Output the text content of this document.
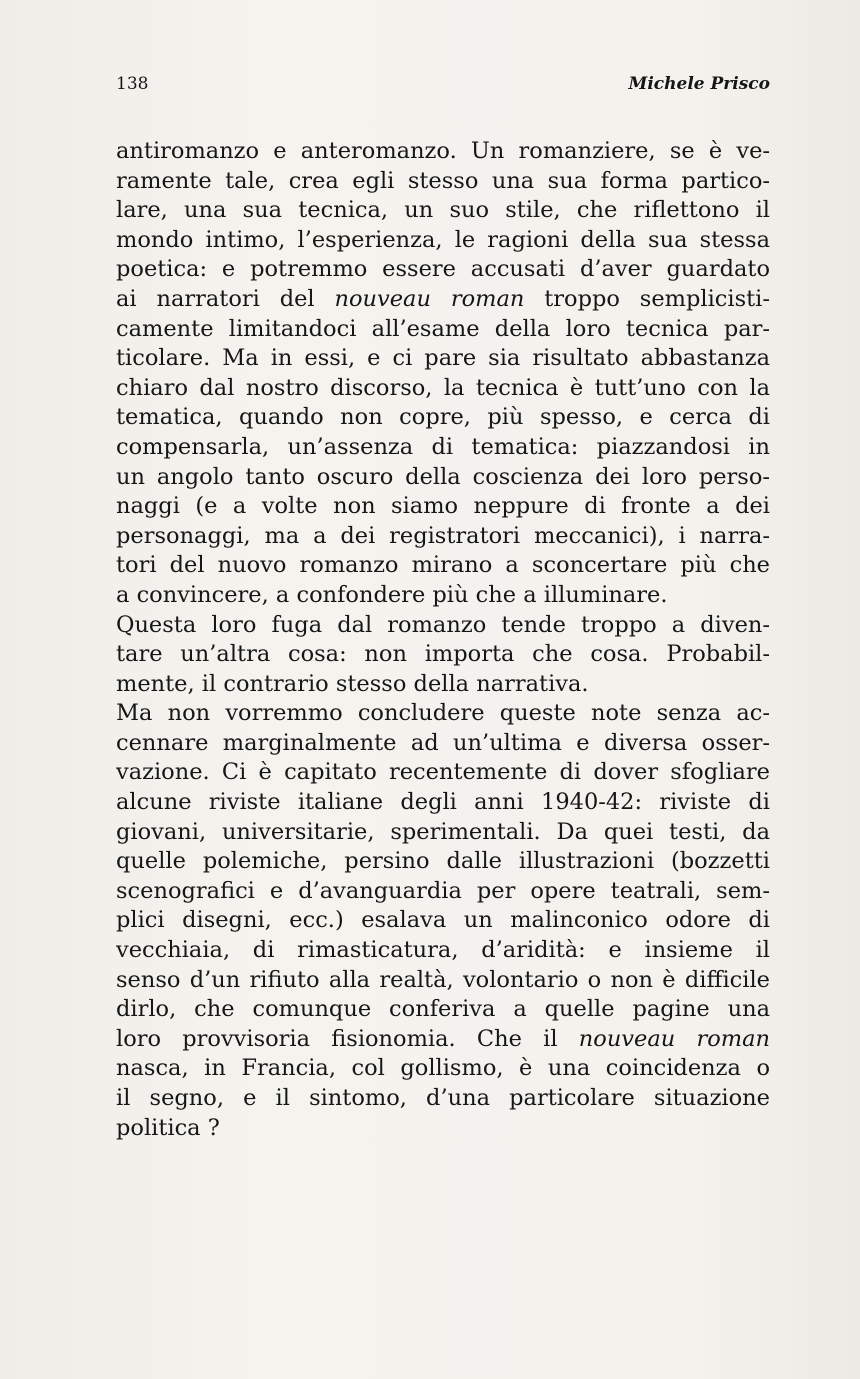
138	Michele Prisco
antiromanzo e anteromanzo. Un romanziere, se è ve-
ramente tale, crea egli stesso una sua forma partico-
lare, una sua tecnica, un suo stile, che riflettono il
mondo intimo, l’esperienza, le ragioni della sua stessa
poetica: e potremmo essere accusati d’aver guardato
ai narratori del nouveau roman troppo semplicisti-
camente limitandoci all’esame della loro tecnica par-
ticolare. Ma in essi, e ci pare sia risultato abbastanza
chiaro dal nostro discorso, la tecnica è tutt’uno con la
tematica, quando non copre, più spesso, e cerca di
compensarla, un’assenza di tematica: piazzandosi in
un angolo tanto oscuro della coscienza dei loro perso-
naggi (e a volte non siamo neppure di fronte a dei
personaggi, ma a dei registratori meccanici), i narra-
tori del nuovo romanzo mirano a sconcertare più che
a convincere, a confondere più che a illuminare.
Questa loro fuga dal romanzo tende troppo a diven-
tare un’altra cosa: non importa che cosa. Probabil-
mente, il contrario stesso della narrativa.
Ma non vorremmo concludere queste note senza ac-
cennare marginalmente ad un’ultima e diversa osser-
vazione. Ci è capitato recentemente di dover sfogliare
alcune riviste italiane degli anni 1940-42: riviste di
giovani, universitarie, sperimentali. Da quei testi, da
quelle polemiche, persino dalle illustrazioni (bozzetti
scenografici e d’avanguardia per opere teatrali, sem-
plici disegni, ecc.) esalava un malinconico odore di
vecchiaia, di rimasticatura, d’aridità: e insieme il
senso d’un rifiuto alla realtà, volontario o non è difficile
dirlo, che comunque conferiva a quelle pagine una
loro provvisoria fisionomia. Che il nouveau roman
nasca, in Francia, col gollismo, è una coincidenza o
il segno, e il sintomo, d’una particolare situazione
politica ?
